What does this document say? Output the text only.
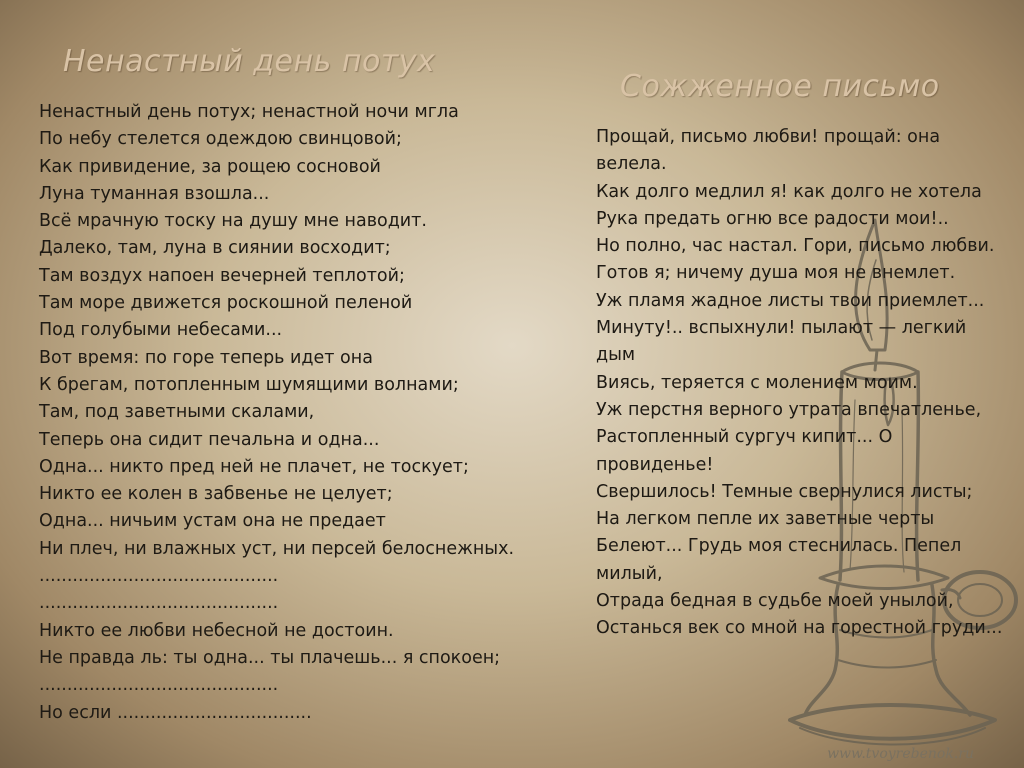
Ненастный день потух
Ненастный день потух; ненастной ночи мгла
По небу стелется одеждою свинцовой;
Как привидение, за рощею сосновой
Луна туманная взошла...
Всё мрачную тоску на душу мне наводит.
Далеко, там, луна в сиянии восходит;
Там воздух напоен вечерней теплотой;
Там море движется роскошной пеленой
Под голубыми небесами...
Вот время: по горе теперь идет она
К брегам, потопленным шумящими волнами;
Там, под заветными скалами,
Теперь она сидит печальна и одна...
Одна... никто пред ней не плачет, не тоскует;
Никто ее колен в забвенье не целует;
Одна... ничьим устам она не предает
Ни плеч, ни влажных уст, ни персей белоснежных.
...........................................
...........................................
Никто ее любви небесной не достоин.
Не правда ль: ты одна... ты плачешь... я спокоен;
...........................................
Но если ...................................
Сожженное письмо
Прощай, письмо любви! прощай: она
велела.
Как долго медлил я! как долго не хотела
Рука предать огню все радости мои!..
Но полно, час настал. Гори, письмо любви.
Готов я; ничему душа моя не внемлет.
Уж пламя жадное листы твои приемлет...
Минуту!.. вспыхнули! пылают — легкий
дым
Виясь, теряется с молением моим.
Уж перстня верного утрата впечатленье,
Растопленный сургуч кипит... О
провиденье!
Свершилось! Темные свернулися листы;
На легком пепле их заветные черты
Белеют... Грудь моя стеснилась. Пепел
милый,
Отрада бедная в судьбе моей унылой,
Останься век со мной на горестной груди...
www.tvoyrebenok.ru
